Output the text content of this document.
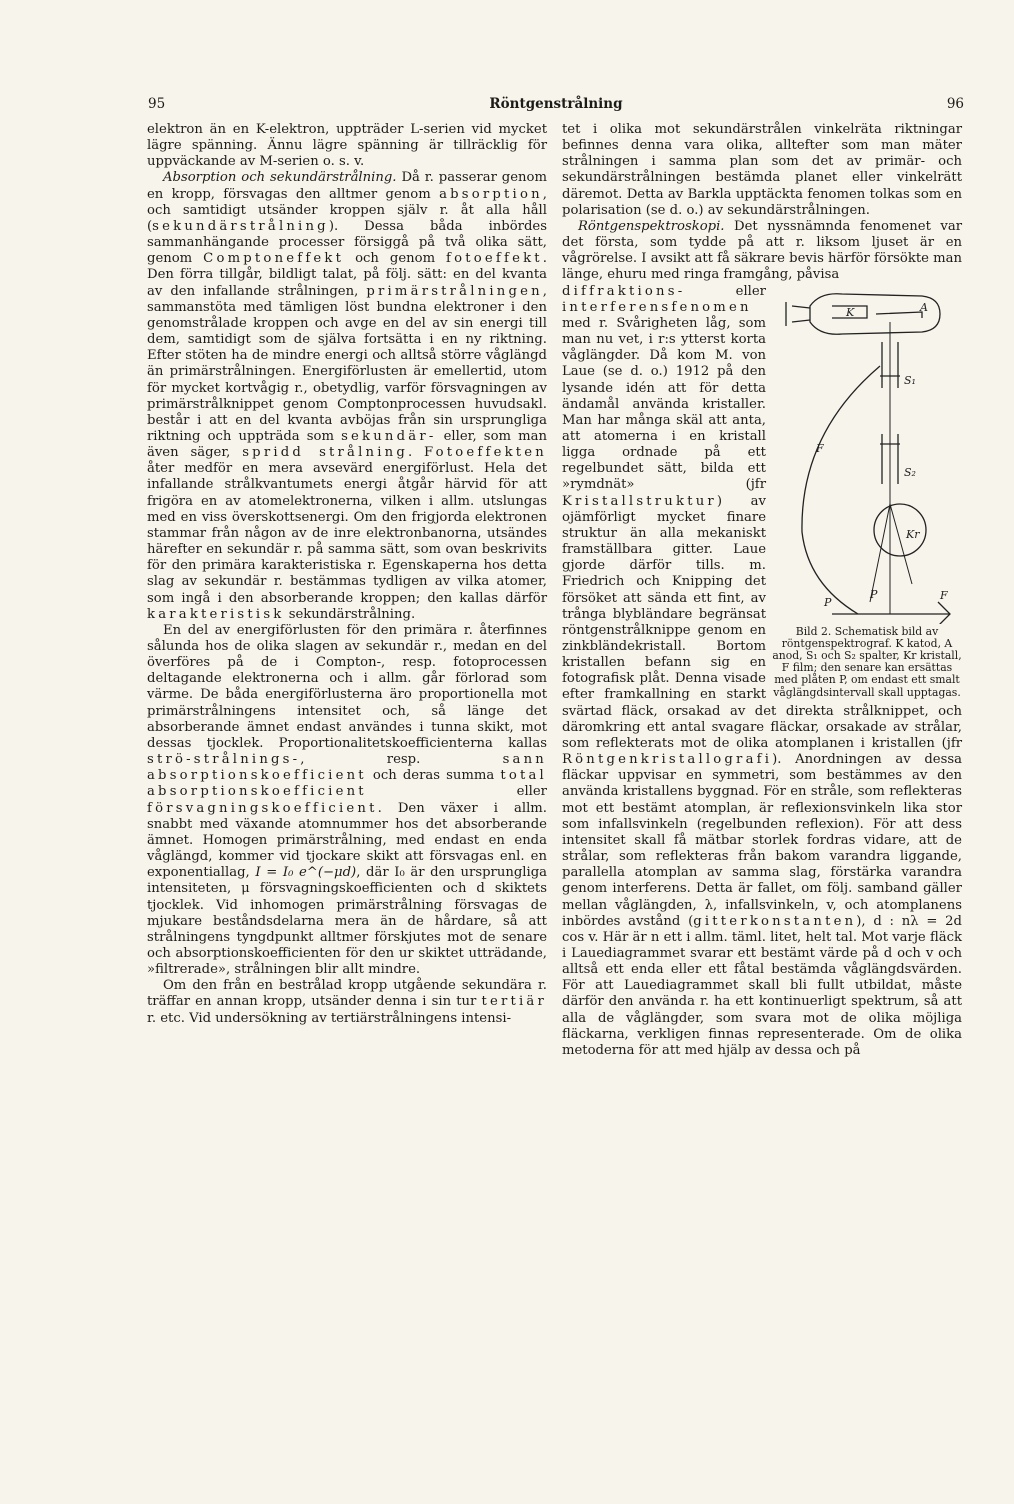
95	Röntgenstrålning	96

elektron än en K-elektron, uppträder L-serien vid mycket lägre spänning. Ännu lägre spänning är tillräcklig för uppväckande av M-serien o. s. v.

Absorption och sekundärstrålning. Då r. passerar genom en kropp, försvagas den alltmer genom absorption, och samtidigt utsänder kroppen själv r. åt alla håll (sekundärstrålning). Dessa båda inbördes sammanhängande processer försiggå på två olika sätt, genom Comptoneffekt och genom fotoeffekt. Den förra tillgår, bildligt talat, på följ. sätt: en del kvanta av den infallande strålningen, primärstrålningen, sammanstöta med tämligen löst bundna elektroner i den genomstrålade kroppen och avge en del av sin energi till dem, samtidigt som de själva fortsätta i en ny riktning. Efter stöten ha de mindre energi och alltså större våglängd än primärstrålningen. Energiförlusten är emellertid, utom för mycket kortvågig r., obetydlig, varför försvagningen av primärstrålknippet genom Comptonprocessen huvudsakl. består i att en del kvanta avböjas från sin ursprungliga riktning och uppträda som sekundär- eller, som man även säger, spridd strålning. Fotoeffekten åter medför en mera avsevärd energiförlust. Hela det infallande strålkvantumets energi åtgår härvid för att frigöra en av atomelektronerna, vilken i allm. utslungas med en viss överskottsenergi. Om den frigjorda elektronen stammar från någon av de inre elektronbanorna, utsändes härefter en sekundär r. på samma sätt, som ovan beskrivits för den primära karakteristiska r. Egenskaperna hos detta slag av sekundär r. bestämmas tydligen av vilka atomer, som ingå i den absorberande kroppen; den kallas därför karakteristisk sekundärstrålning.

En del av energiförlusten för den primära r. återfinnes sålunda hos de olika slagen av sekundär r., medan en del överföres på de i Compton-, resp. fotoprocessen deltagande elektronerna och i allm. går förlorad som värme. De båda energiförlusterna äro proportionella mot primärstrålningens intensitet och, så länge det absorberande ämnet endast användes i tunna skikt, mot dessas tjocklek. Proportionalitetskoefficienterna kallas strö-strålnings-, resp.	sann absorptionskoefficient och deras summa total absorptionskoefficient	eller försvagningskoefficient. Den växer i allm. snabbt med växande atomnummer hos det absorberande ämnet. Homogen primärstrålning, med endast en enda våglängd, kommer vid tjockare skikt att försvagas enl. en exponentiallag, I = I₀ e^(−μd), där I₀ är den ursprungliga intensiteten, μ försvagningskoefficienten och d skiktets tjocklek. Vid inhomogen primärstrålning försvagas de mjukare beståndsdelarna mera än de hårdare, så att strålningens tyngdpunkt alltmer förskjutes mot de senare och absorptionskoefficienten för den ur skiktet utträdande, »filtrerade», strålningen blir allt mindre.

Om den från en bestrålad kropp utgående sekundära r. träffar en annan kropp, utsänder denna i sin tur tertiär r. etc. Vid undersökning av tertiärstrålningens intensi-

tet i olika mot sekundärstrålen vinkelräta riktningar befinnes denna vara olika, alltefter som man mäter strålningen i samma plan som det av primär- och sekundärstrålningen bestämda planet eller vinkelrätt däremot. Detta av Barkla upptäckta fenomen tolkas som en polarisation (se d. o.) av sekundärstrålningen.

Röntgenspektroskopi. Det nyssnämnda fenomenet var det första, som tydde på att r. liksom ljuset är en vågrörelse. I avsikt att få säkrare bevis härför försökte man länge, ehuru med ringa framgång, påvisa

K	A
S₁
S₂
F
Kr
P
P	F
Bild 2. Schematisk bild av röntgenspektrograf. K katod, A anod, S₁ och S₂ spalter, Kr kristall, F film; den senare kan ersättas med plåten P, om endast ett smalt våglängdsintervall skall upptagas.
diffraktions-	eller interferensfenomen med r. Svårigheten låg, som man nu vet, i r:s ytterst korta våglängder. Då kom M. von Laue (se d. o.) 1912 på den lysande idén att för detta ändamål använda kristaller. Man har många skäl att anta, att atomerna i en kristall ligga ordnade på ett regelbundet sätt, bilda ett »rymdnät» (jfr Kristallstruktur) av ojämförligt mycket finare struktur än alla mekaniskt framställbara gitter. Laue gjorde därför tills. m. Friedrich och Knipping det försöket att sända ett fint, av trånga blybländare begränsat röntgenstrålknippe genom en zinkbländekristall. Bortom kristallen befann sig en fotografisk plåt. Denna visade efter framkallning en starkt svärtad fläck, orsakad av det direkta strålknippet, och däromkring ett antal svagare fläckar, orsakade av strålar, som reflekterats mot de olika atomplanen i kristallen (jfr Röntgenkristallografi). Anordningen av dessa fläckar uppvisar en symmetri, som bestämmes av den använda kristallens byggnad. För en stråle, som reflekteras mot ett bestämt atomplan, är reflexionsvinkeln lika stor som infallsvinkeln (regelbunden reflexion). För att dess intensitet skall få mätbar storlek fordras vidare, att de strålar, som reflekteras från bakom varandra liggande, parallella atomplan av samma slag, förstärka varandra genom interferens. Detta är fallet, om följ. samband gäller mellan våglängden, λ, infallsvinkeln, v, och atomplanens inbördes avstånd (gitterkonstanten), d : nλ = 2d cos v. Här är n ett i allm. täml. litet, helt tal. Mot varje fläck i Lauediagrammet svarar ett bestämt värde på d och v och alltså ett enda eller ett fåtal bestämda våglängdsvärden. För att Lauediagrammet skall bli fullt utbildat, måste därför den använda r. ha ett kontinuerligt spektrum, så att alla de våglängder, som svara mot de olika möjliga fläckarna, verkligen finnas representerade. Om de olika metoderna för att med hjälp av dessa och på
